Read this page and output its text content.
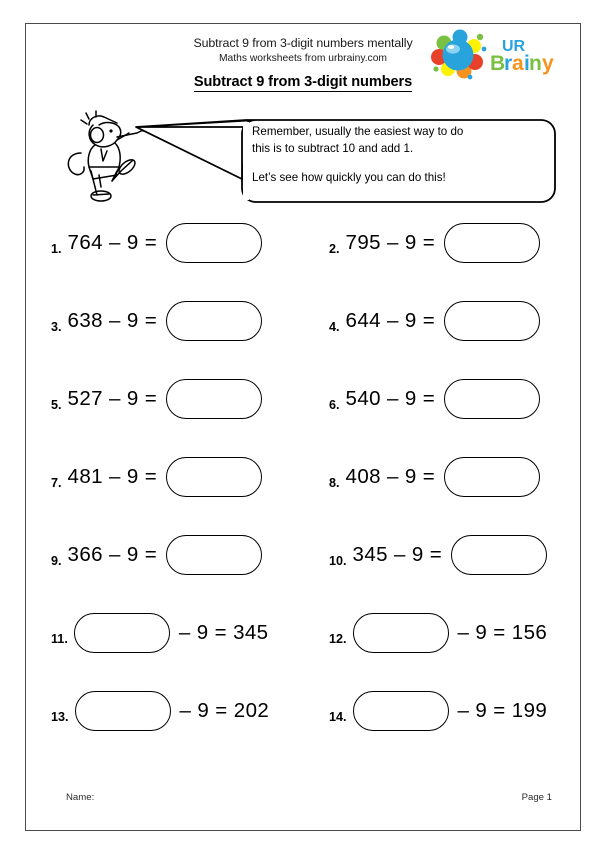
Subtract 9 from 3-digit numbers mentally
Maths worksheets from urbrainy.com
Subtract 9 from 3-digit numbers
UR
B
r a i n y

Remember, usually the easiest way to do

this is to subtract 10 and add 1.

Let’s see how quickly you can do this!

1. 764 – 9 =	2. 795 – 9 =
3. 638 – 9 =	4. 644 – 9 =
5. 527 – 9 =	6. 540 – 9 =
7. 481 – 9 =	8. 408 – 9 =
9. 366 – 9 =	10. 345 – 9 =
11.	– 9 = 345	12.	– 9 = 156
13.	– 9 = 202	14.	– 9 = 199
Name:	Page 1
